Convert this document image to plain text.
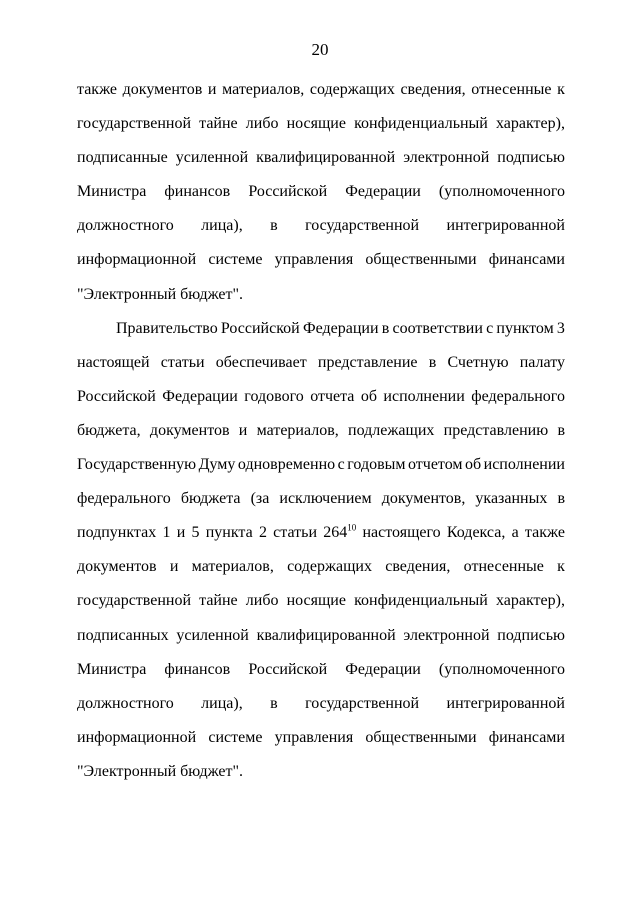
20
также документов и материалов, содержащих сведения, отнесенные к
государственной тайне либо носящие конфиденциальный характер),
подписанные усиленной квалифицированной электронной подписью
Министра финансов Российской Федерации (уполномоченного
должностного лица), в государственной интегрированной
информационной системе управления общественными финансами
"Электронный бюджет".
Правительство Российской Федерации в соответствии с пунктом 3
настоящей статьи обеспечивает представление в Счетную палату
Российской Федерации годового отчета об исполнении федерального
бюджета, документов и материалов, подлежащих представлению в
Государственную Думу одновременно с годовым отчетом об исполнении
федерального бюджета (за исключением документов, указанных в
подпунктах 1 и 5 пункта 2 статьи $264^{10}$ настоящего Кодекса, а также
документов и материалов, содержащих сведения, отнесенные к
государственной тайне либо носящие конфиденциальный характер),
подписанных усиленной квалифицированной электронной подписью
Министра финансов Российской Федерации (уполномоченного
должностного лица), в государственной интегрированной
информационной системе управления общественными финансами
"Электронный бюджет".
